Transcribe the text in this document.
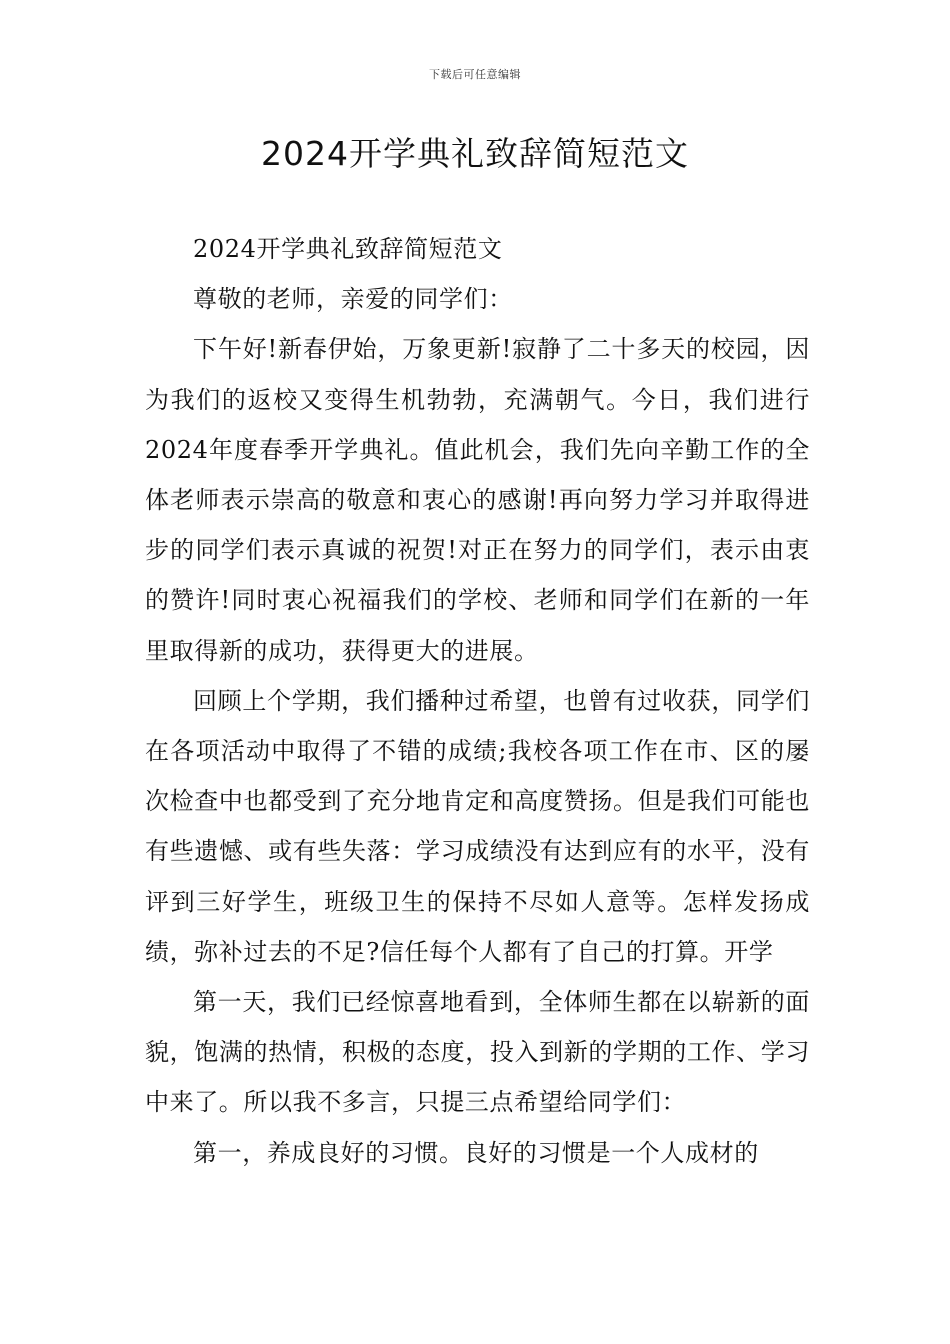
下载后可任意编辑
2024开学典礼致辞简短范文

2024开学典礼致辞简短范文

尊敬的老师，亲爱的同学们：

下午好!新春伊始，万象更新!寂静了二十多天的校园，因为我们的返校又变得生机勃勃，充满朝气。今日，我们进行2024年度春季开学典礼。值此机会，我们先向辛勤工作的全体老师表示崇高的敬意和衷心的感谢!再向努力学习并取得进步的同学们表示真诚的祝贺!对正在努力的同学们，表示由衷的赞许!同时衷心祝福我们的学校、老师和同学们在新的一年里取得新的成功，获得更大的进展。

回顾上个学期，我们播种过希望，也曾有过收获，同学们在各项活动中取得了不错的成绩;我校各项工作在市、区的屡次检查中也都受到了充分地肯定和高度赞扬。但是我们可能也有些遗憾、或有些失落：学习成绩没有达到应有的水平，没有评到三好学生，班级卫生的保持不尽如人意等。怎样发扬成绩，弥补过去的不足?信任每个人都有了自己的打算。开学

第一天，我们已经惊喜地看到，全体师生都在以崭新的面貌，饱满的热情，积极的态度，投入到新的学期的工作、学习中来了。所以我不多言，只提三点希望给同学们：

第一，养成良好的习惯。良好的习惯是一个人成材的
